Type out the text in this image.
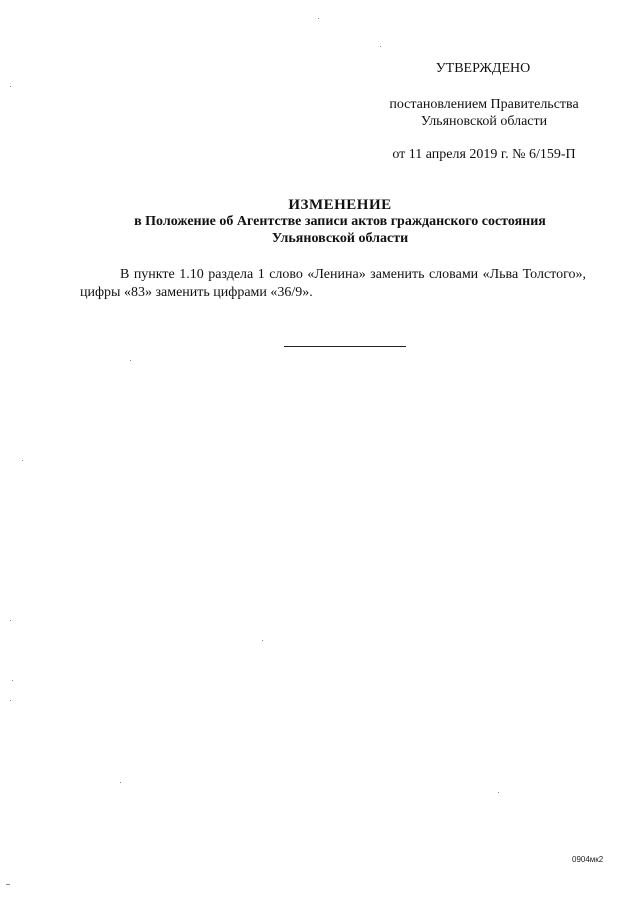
УТВЕРЖДЕНО
постановлением Правительства
Ульяновской области
от 11 апреля 2019 г. № 6/159-П
ИЗМЕНЕНИЕ
в Положение об Агентстве записи актов гражданского состояния
Ульяновской области
В пункте 1.10 раздела 1 слово «Ленина» заменить словами «Льва Толстого», цифры «83» заменить цифрами «36/9».
0904мк2
